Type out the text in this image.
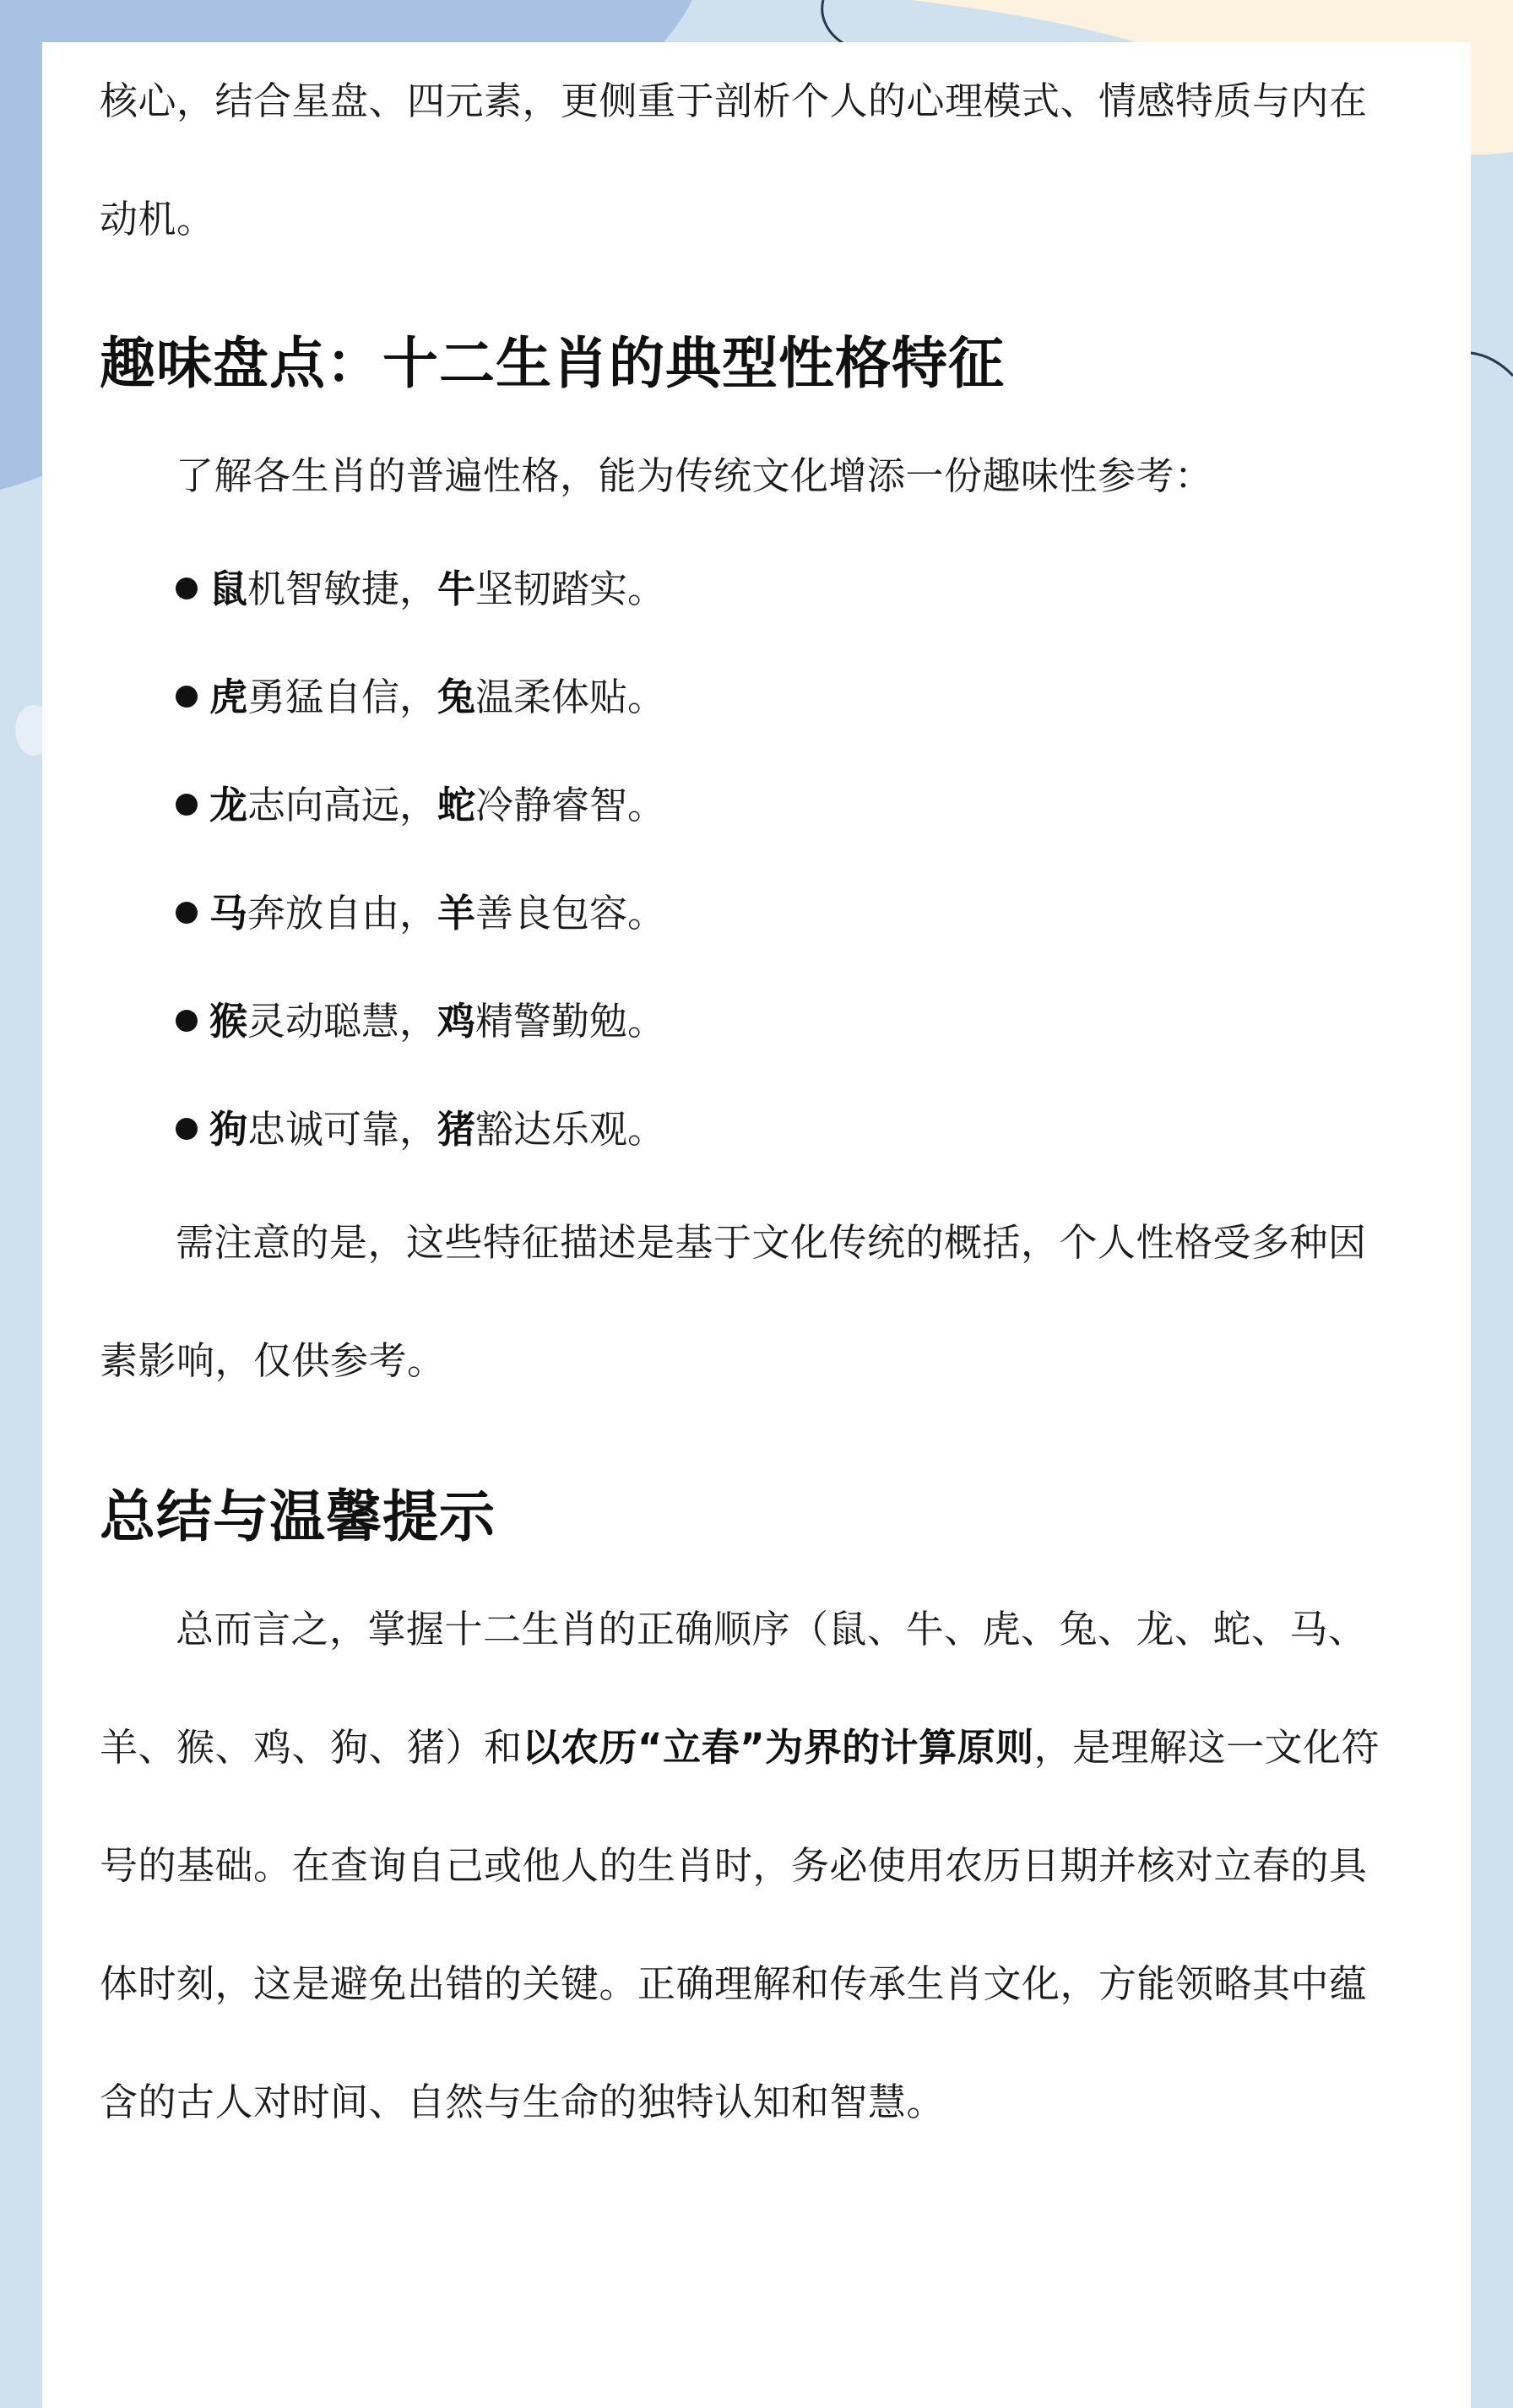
核心，结合星盘、四元素，更侧重于剖析个人的心理模式、情感特质与内在动机。

趣味盘点：十二生肖的典型性格特征

了解各生肖的普遍性格，能为传统文化增添一份趣味性参考：

鼠机智敏捷，牛坚韧踏实。
虎勇猛自信，兔温柔体贴。
龙志向高远，蛇冷静睿智。
马奔放自由，羊善良包容。
猴灵动聪慧，鸡精警勤勉。
狗忠诚可靠，猪豁达乐观。

需注意的是，这些特征描述是基于文化传统的概括，个人性格受多种因素影响，仅供参考。

总结与温馨提示

总而言之，掌握十二生肖的正确顺序（鼠、牛、虎、兔、龙、蛇、马、羊、猴、鸡、狗、猪）和以农历“立春”为界的计算原则，是理解这一文化符号的基础。在查询自己或他人的生肖时，务必使用农历日期并核对立春的具体时刻，这是避免出错的关键。正确理解和传承生肖文化，方能领略其中蕴含的古人对时间、自然与生命的独特认知和智慧。
